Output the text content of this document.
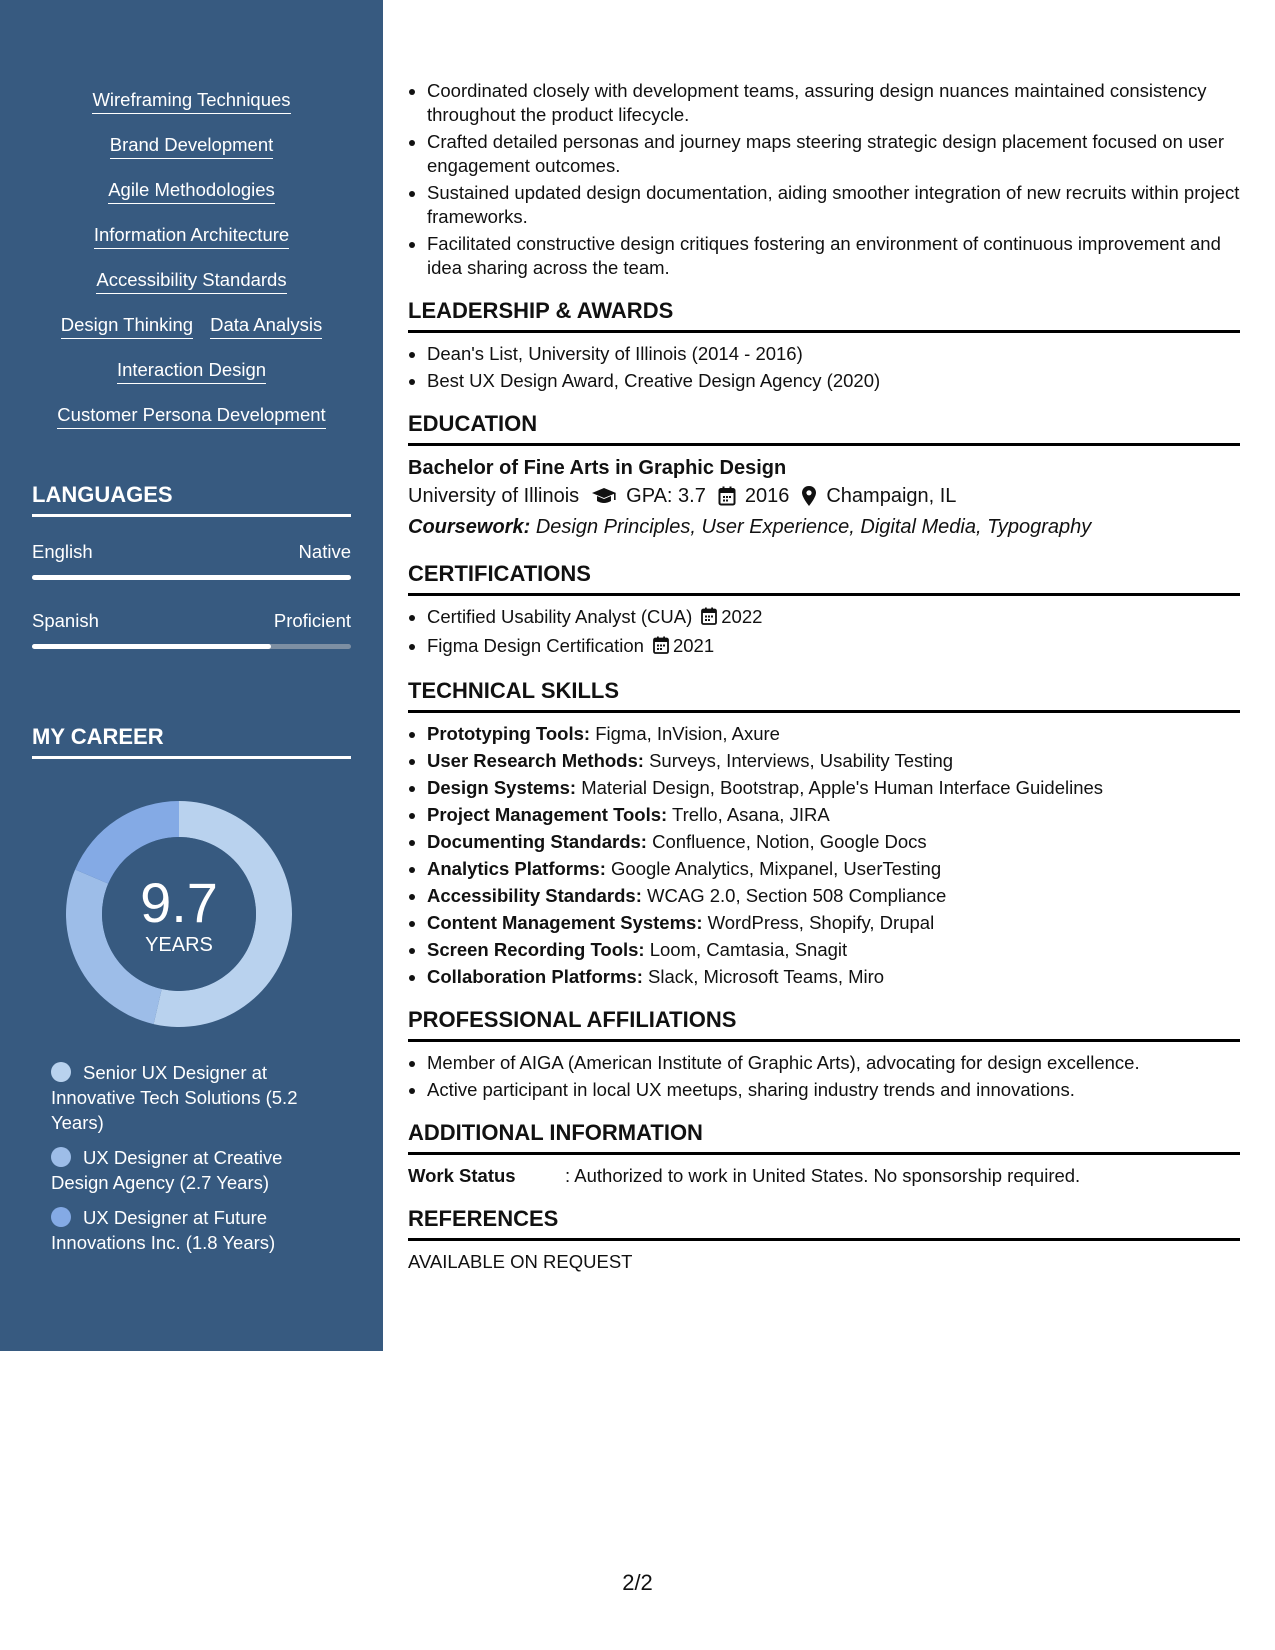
Wireframing Techniques
Brand Development
Agile Methodologies
Information Architecture
Accessibility Standards
Design Thinking Data Analysis
Interaction Design
Customer Persona Development
LANGUAGES
English	Native
Spanish	Proficient
MY CAREER
9.7
YEARS
Senior UX Designer at Innovative Tech Solutions (5.2 Years)
UX Designer at Creative Design Agency (2.7 Years)
UX Designer at Future Innovations Inc. (1.8 Years)
• Coordinated closely with development teams, assuring design nuances maintained consistency throughout the product lifecycle.
• Crafted detailed personas and journey maps steering strategic design placement focused on user engagement outcomes.
• Sustained updated design documentation, aiding smoother integration of new recruits within project frameworks.
• Facilitated constructive design critiques fostering an environment of continuous improvement and idea sharing across the team.
LEADERSHIP & AWARDS
• Dean's List, University of Illinois (2014 - 2016)
• Best UX Design Award, Creative Design Agency (2020)
EDUCATION
Bachelor of Fine Arts in Graphic Design
University of Illinois GPA: 3.7 2016 Champaign, IL
Coursework: Design Principles, User Experience, Digital Media, Typography
CERTIFICATIONS
• Certified Usability Analyst (CUA) 2022
• Figma Design Certification 2021
TECHNICAL SKILLS
• Prototyping Tools: Figma, InVision, Axure
• User Research Methods: Surveys, Interviews, Usability Testing
• Design Systems: Material Design, Bootstrap, Apple's Human Interface Guidelines
• Project Management Tools: Trello, Asana, JIRA
• Documenting Standards: Confluence, Notion, Google Docs
• Analytics Platforms: Google Analytics, Mixpanel, UserTesting
• Accessibility Standards: WCAG 2.0, Section 508 Compliance
• Content Management Systems: WordPress, Shopify, Drupal
• Screen Recording Tools: Loom, Camtasia, Snagit
• Collaboration Platforms: Slack, Microsoft Teams, Miro
PROFESSIONAL AFFILIATIONS
• Member of AIGA (American Institute of Graphic Arts), advocating for design excellence.
• Active participant in local UX meetups, sharing industry trends and innovations.
ADDITIONAL INFORMATION
Work Status	: Authorized to work in United States. No sponsorship required.
REFERENCES
AVAILABLE ON REQUEST
2/2
